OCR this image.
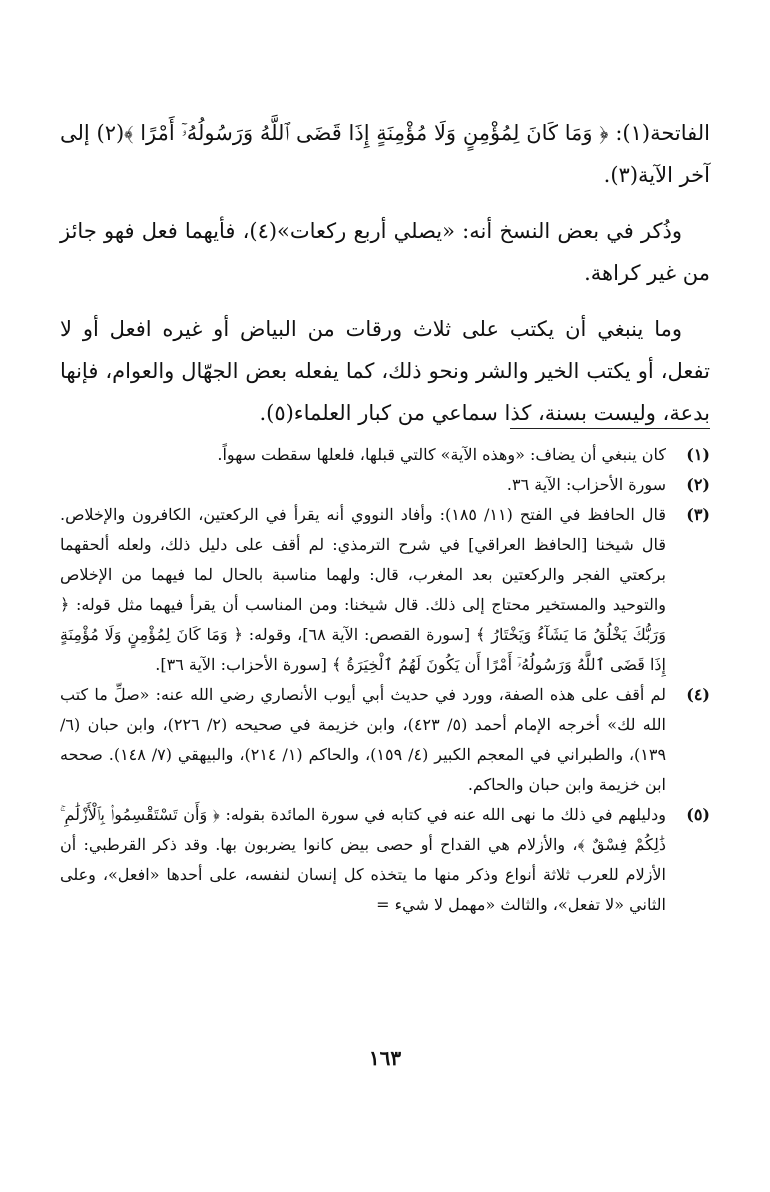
الفاتحة(١): ﴿ وَمَا كَانَ لِمُؤْمِنٍ وَلَا مُؤْمِنَةٍ إِذَا قَضَى ٱللَّهُ وَرَسُولُهُۥٓ أَمْرًا ﴾(٢) إلى آخر الآية(٣).

وذُكر في بعض النسخ أنه: «يصلي أربع ركعات»(٤)، فأيهما فعل فهو جائز من غير كراهة.

وما ينبغي أن يكتب على ثلاث ورقات من البياض أو غيره افعل أو لا تفعل، أو يكتب الخير والشر ونحو ذلك، كما يفعله بعض الجهّال والعوام، فإنها بدعة، وليست بسنة، كذا سماعي من كبار العلماء(٥).

(١)
كان ينبغي أن يضاف: «وهذه الآية» كالتي قبلها، فلعلها سقطت سهواً.
(٢)
سورة الأحزاب: الآية ٣٦.
(٣)
قال الحافظ في الفتح (١١/ ١٨٥): وأفاد النووي أنه يقرأ في الركعتين، الكافرون والإخلاص. قال شيخنا [الحافظ العراقي] في شرح الترمذي: لم أقف على دليل ذلك، ولعله ألحقهما بركعتي الفجر والركعتين بعد المغرب، قال: ولهما مناسبة بالحال لما فيهما من الإخلاص والتوحيد والمستخير محتاج إلى ذلك. قال شيخنا: ومن المناسب أن يقرأ فيهما مثل قوله: ﴿ وَرَبُّكَ يَخْلُقُ مَا يَشَآءُ وَيَخْتَارُ ﴾ [سورة القصص: الآية ٦٨]، وقوله: ﴿ وَمَا كَانَ لِمُؤْمِنٍ وَلَا مُؤْمِنَةٍ إِذَا قَضَى ٱللَّهُ وَرَسُولُهُۥٓ أَمْرًا أَن يَكُونَ لَهُمُ ٱلْخِيَرَةُ ﴾ [سورة الأحزاب: الآية ٣٦].
(٤)
لم أقف على هذه الصفة، وورد في حديث أبي أيوب الأنصاري رضي الله عنه: «صلِّ ما كتب الله لك» أخرجه الإمام أحمد (٥/ ٤٢٣)، وابن خزيمة في صحيحه (٢/ ٢٢٦)، وابن حبان (٦/ ١٣٩)، والطبراني في المعجم الكبير (٤/ ١٥٩)، والحاكم (١/ ٢١٤)، والبيهقي (٧/ ١٤٨). صححه ابن خزيمة وابن حبان والحاكم.
(٥)
ودليلهم في ذلك ما نهى الله عنه في كتابه في سورة المائدة بقوله: ﴿ وَأَن تَسْتَقْسِمُوا۟ بِٱلْأَزْلَٰمِ ۚ ذَٰلِكُمْ فِسْقٌ ﴾، والأزلام هي القداح أو حصى بيض كانوا يضربون بها. وقد ذكر القرطبي: أن الأزلام للعرب ثلاثة أنواع وذكر منها ما يتخذه كل إنسان لنفسه، على أحدها «افعل»، وعلى الثاني «لا تفعل»، والثالث «مهمل لا شيء =
١٦٣
